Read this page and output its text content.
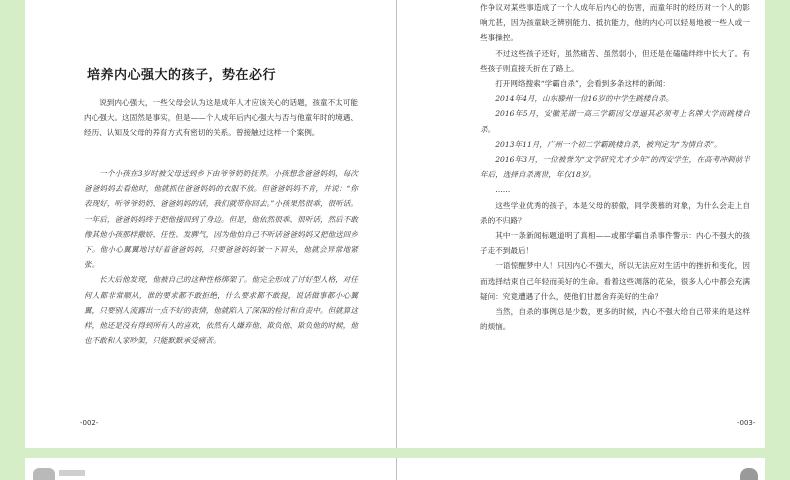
培养内心强大的孩子，势在必行

说到内心强大，一些父母会认为这是成年人才应该关心的话题，孩童不太可能内心强大。这固然是事实，但是——个人成年后内心强大与否与他童年时的境遇、经历、认知及父母的养育方式有密切的关系。曾接触过这样一个案例。

一个小孩在3岁时被父母送到乡下由爷爷奶奶抚养。小孩想念爸爸妈妈，每次爸爸妈妈去看他时，他就抓住爸爸妈妈的衣服不放。但爸爸妈妈不肯，并说：“你表现好，听爷爷奶奶、爸爸妈妈的话，我们就带你回去。”小孩果然很乖，很听话。一年后，爸爸妈妈终于把他接回到了身边。但是，他依然很乖、很听话，然后不敢像其他小孩那样撒娇、任性、发脾气，因为他怕自己不听话爸爸妈妈又把他送回乡下。他小心翼翼地讨好着爸爸妈妈，只要爸爸妈妈皱一下眉头，他就会异常地紧张。

长大后他发现，他被自己的这种性格绑架了。他完全形成了讨好型人格，对任何人都非常顺从，谁的要求都不敢拒绝，什么要求都不敢提，说话做事都小心翼翼，只要别人流露出一点不好的表情，他就陷入了深深的检讨和自责中。但就算这样，他还是没有得到所有人的喜欢，依然有人嫌弃他、欺负他、欺负他的时候，他也不敢和人家吵架，只能默默承受痛苦。

-002-

作争议对某些事造成了一个人成年后内心的伤害，而童年时的经历对一个人的影响尤甚，因为孩童缺乏辨别能力、抵抗能力，他的内心可以轻易地被一些人或一些事操控。

不过这些孩子还好，虽然痛苦、虽然弱小，但还是在磕磕绊绊中长大了。有些孩子则直接夭折在了路上。

打开网络搜索“学霸自杀”，会看到多条这样的新闻：

2014年4月，山东滕州一位16岁的中学生跳楼自杀。

2016年5月，安徽芜湖一高三学霸因父母逼其必须考上名牌大学而跳楼自杀。

2013年11月，广州一个初二学霸跳楼自杀，被判定为“为情自杀”。

2016年3月，一位被誉为“文学研究尤才少年”的西安学生，在高考冲刺前半年后，选择自杀离世，年仅18岁。

……

这些学业优秀的孩子，本是父母的骄傲，同学羡慕的对象，为什么会走上自杀的不归路？

其中一条新闻标题道明了真相——或都学霸自杀事件警示：内心不强大的孩子走不到最后！

一语惊醒梦中人！只因内心不强大，所以无法应对生活中的挫折和变化，因而选择结束自己年轻而美好的生命。看着这些凋落的花朵，很多人心中都会充满疑问：究竟遭遇了什么，使他们甘愿舍弃美好的生命？

当然，自杀的事例总是少数，更多的时候，内心不强大给自己带来的是这样的烦恼。

-003-
